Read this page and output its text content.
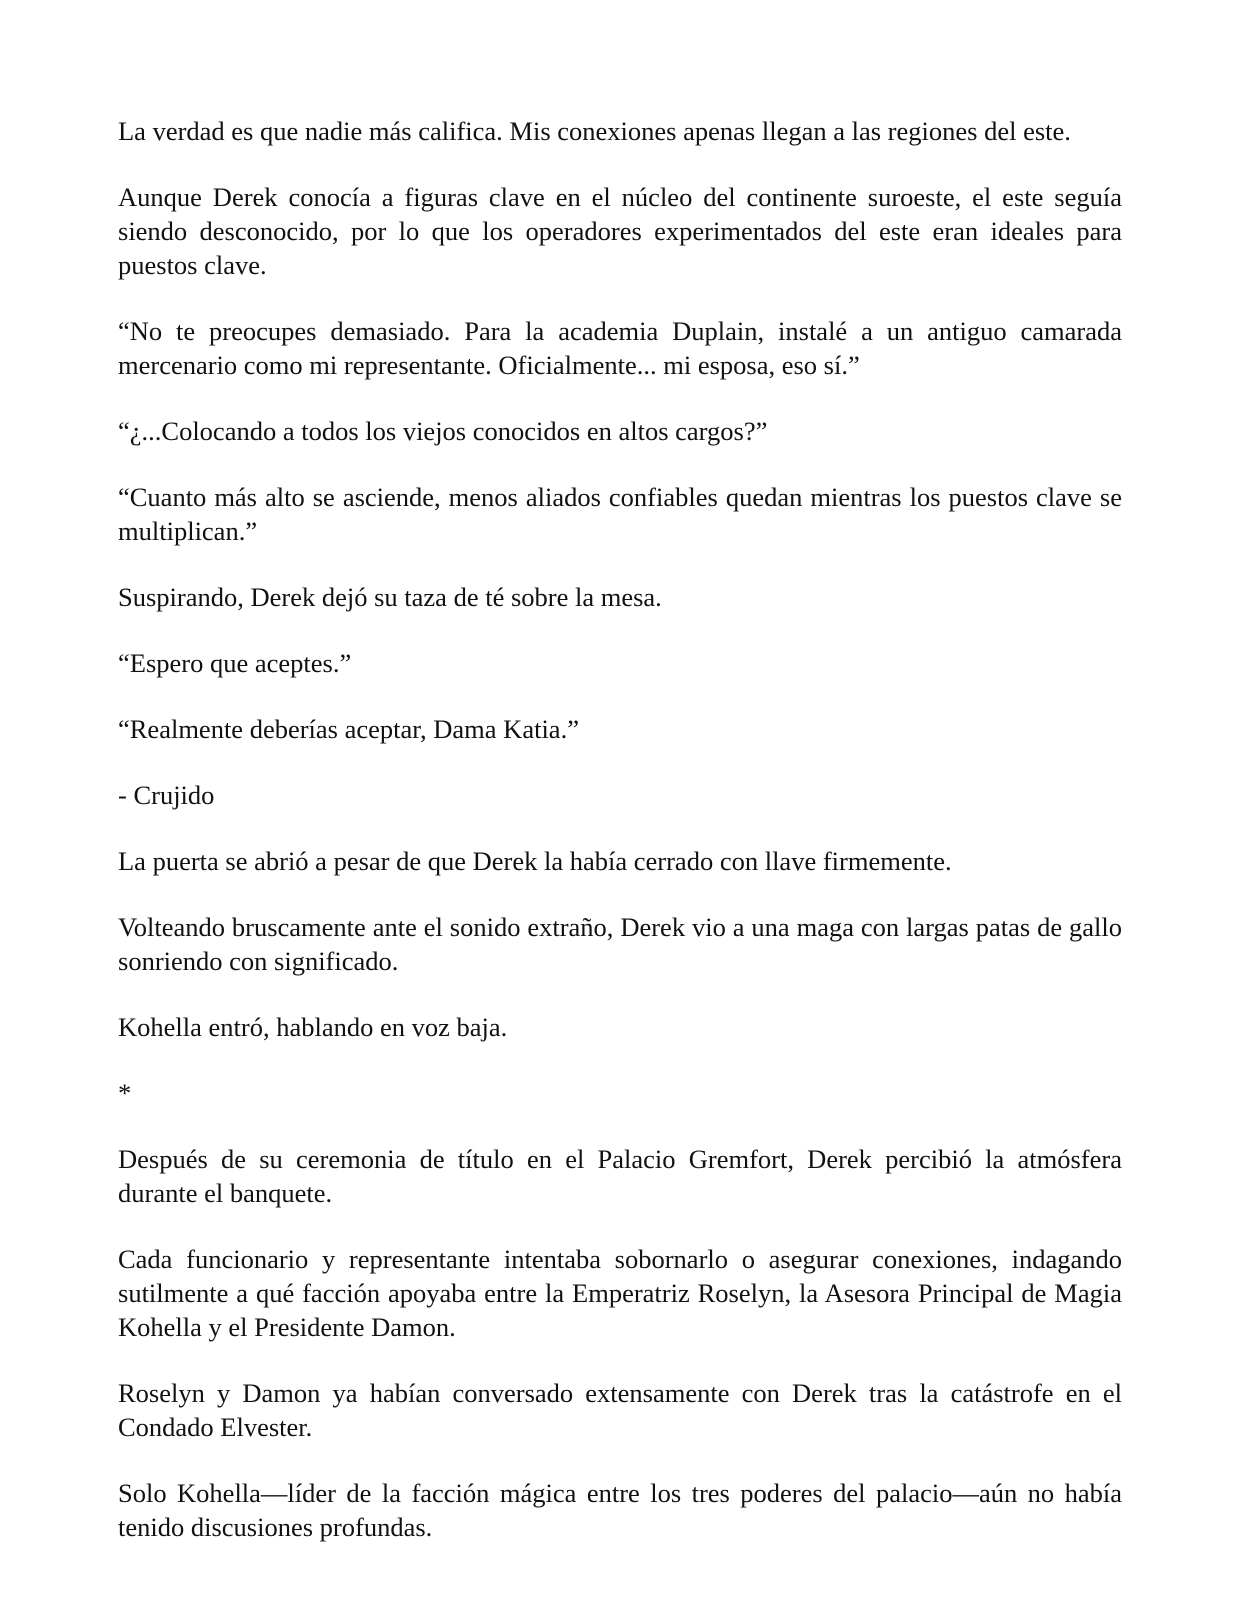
La verdad es que nadie más califica. Mis conexiones apenas llegan a las regiones del este.

Aunque Derek conocía a figuras clave en el núcleo del continente suroeste, el este seguía siendo desconocido, por lo que los operadores experimentados del este eran ideales para puestos clave.

“No te preocupes demasiado. Para la academia Duplain, instalé a un antiguo camarada mercenario como mi representante. Oficialmente... mi esposa, eso sí.”

“¿...Colocando a todos los viejos conocidos en altos cargos?”

“Cuanto más alto se asciende, menos aliados confiables quedan mientras los puestos clave se multiplican.”

Suspirando, Derek dejó su taza de té sobre la mesa.

“Espero que aceptes.”

“Realmente deberías aceptar, Dama Katia.”

- Crujido

La puerta se abrió a pesar de que Derek la había cerrado con llave firmemente.

Volteando bruscamente ante el sonido extraño, Derek vio a una maga con largas patas de gallo sonriendo con significado.

Kohella entró, hablando en voz baja.

*

Después de su ceremonia de título en el Palacio Gremfort, Derek percibió la atmósfera durante el banquete.

Cada funcionario y representante intentaba sobornarlo o asegurar conexiones, indagando sutilmente a qué facción apoyaba entre la Emperatriz Roselyn, la Asesora Principal de Magia Kohella y el Presidente Damon.

Roselyn y Damon ya habían conversado extensamente con Derek tras la catástrofe en el Condado Elvester.

Solo Kohella—líder de la facción mágica entre los tres poderes del palacio—aún no había tenido discusiones profundas.
